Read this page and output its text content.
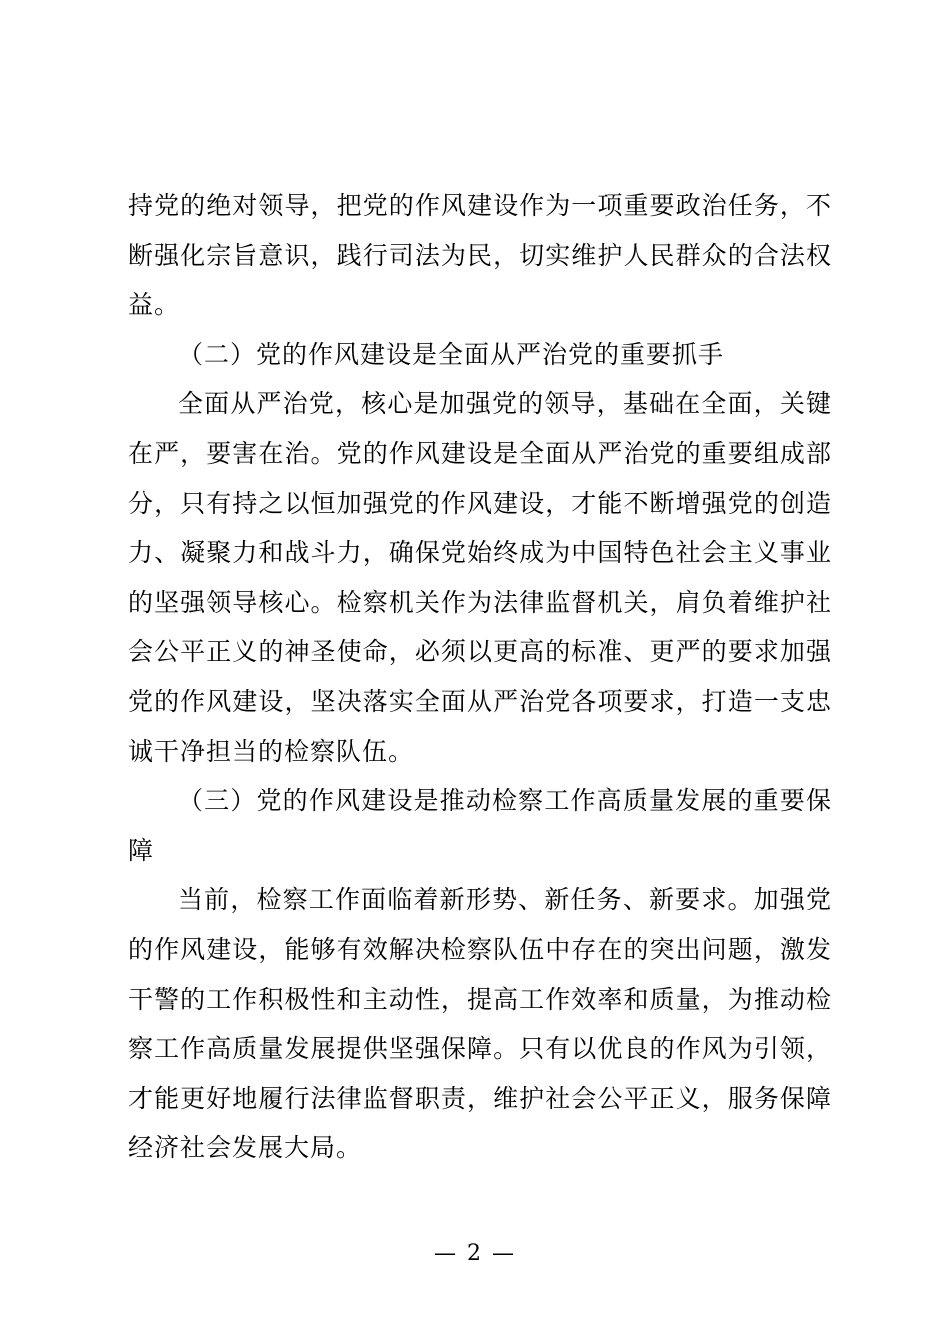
持党的绝对领导，把党的作风建设作为一项重要政治任务，不断强化宗旨意识，践行司法为民，切实维护人民群众的合法权益。

（二）党的作风建设是全面从严治党的重要抓手

全面从严治党，核心是加强党的领导，基础在全面，关键在严，要害在治。党的作风建设是全面从严治党的重要组成部分，只有持之以恒加强党的作风建设，才能不断增强党的创造力、凝聚力和战斗力，确保党始终成为中国特色社会主义事业的坚强领导核心。检察机关作为法律监督机关，肩负着维护社会公平正义的神圣使命，必须以更高的标准、更严的要求加强党的作风建设，坚决落实全面从严治党各项要求，打造一支忠诚干净担当的检察队伍。

（三）党的作风建设是推动检察工作高质量发展的重要保障

当前，检察工作面临着新形势、新任务、新要求。加强党的作风建设，能够有效解决检察队伍中存在的突出问题，激发干警的工作积极性和主动性，提高工作效率和质量，为推动检察工作高质量发展提供坚强保障。只有以优良的作风为引领，才能更好地履行法律监督职责，维护社会公平正义，服务保障经济社会发展大局。

— 2 —
